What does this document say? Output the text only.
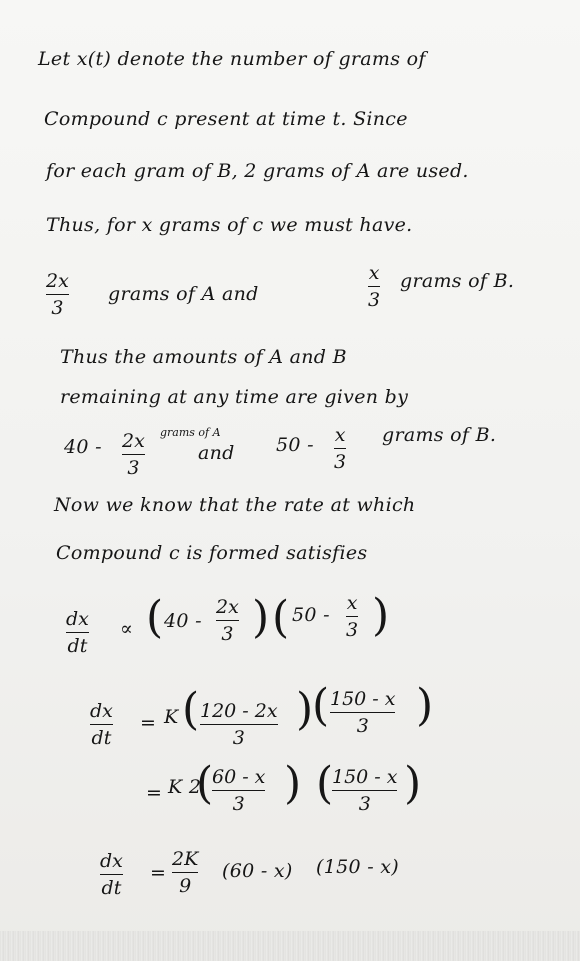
Let x(t) denote the number of grams of
Compound c present at time t. Since
for each gram of B, 2 grams of A are used.
Thus, for x grams of c we must have.
2x
3
grams of A and
x
3
grams of B.
Thus the amounts of A and B
remaining at any time are given by
40 - 2x
3
grams of A
and 50 - x
3
grams of B.
Now we know that the rate at which
Compound c is formed satisfies
dx
dt
∝ ( 40 -
2x
3 ) ( 50 -
x
3 )
dx
dt
= K ( 120 - 2x
3
)
( 150 - x
3 )
= K 2
(
60 - x
3 ) (
150 - x
3 )
dx
dt
=
2K
9
(60 - x) (150 - x)
